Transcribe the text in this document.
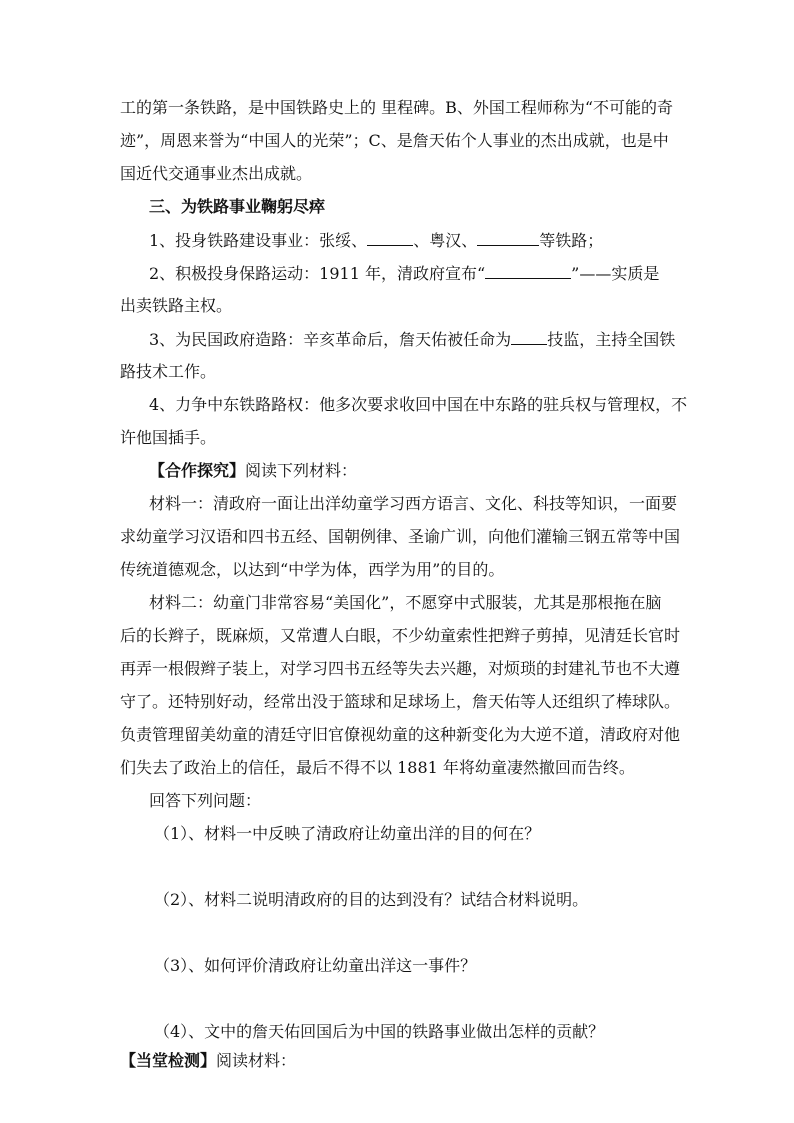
工的第一条铁路，是中国铁路史上的 里程碑。B、外国工程师称为“不可能的奇
迹”，周恩来誉为“中国人的光荣”；C、是詹天佑个人事业的杰出成就，也是中
国近代交通事业杰出成就。
三、为铁路事业鞠躬尽瘁
1、投身铁路建设事业：张绥、	、粤汉、	等铁路；
2、积极投身保路运动：1911 年，清政府宣布“	”——实质是
出卖铁路主权。
3、为民国政府造路：辛亥革命后，詹天佑被任命为 技监，主持全国铁
路技术工作。
4、力争中东铁路路权：他多次要求收回中国在中东路的驻兵权与管理权，不
许他国插手。
【合作探究】阅读下列材料：
材料一：清政府一面让出洋幼童学习西方语言、文化、科技等知识，一面要
求幼童学习汉语和四书五经、国朝例律、圣谕广训，向他们灌输三钢五常等中国
传统道德观念，以达到“中学为体，西学为用”的目的。
材料二：幼童门非常容易“美国化”，不愿穿中式服装，尤其是那根拖在脑
后的长辫子，既麻烦，又常遭人白眼，不少幼童索性把辫子剪掉，见清廷长官时
再弄一根假辫子装上，对学习四书五经等失去兴趣，对烦琐的封建礼节也不大遵
守了。还特别好动，经常出没于篮球和足球场上，詹天佑等人还组织了棒球队。
负责管理留美幼童的清廷守旧官僚视幼童的这种新变化为大逆不道，清政府对他
们失去了政治上的信任，最后不得不以 1881 年将幼童凄然撤回而告终。
回答下列问题：
（1）、材料一中反映了清政府让幼童出洋的目的何在？
（2）、材料二说明清政府的目的达到没有？试结合材料说明。
（3）、如何评价清政府让幼童出洋这一事件？
（4）、文中的詹天佑回国后为中国的铁路事业做出怎样的贡献？
【当堂检测】阅读材料：
